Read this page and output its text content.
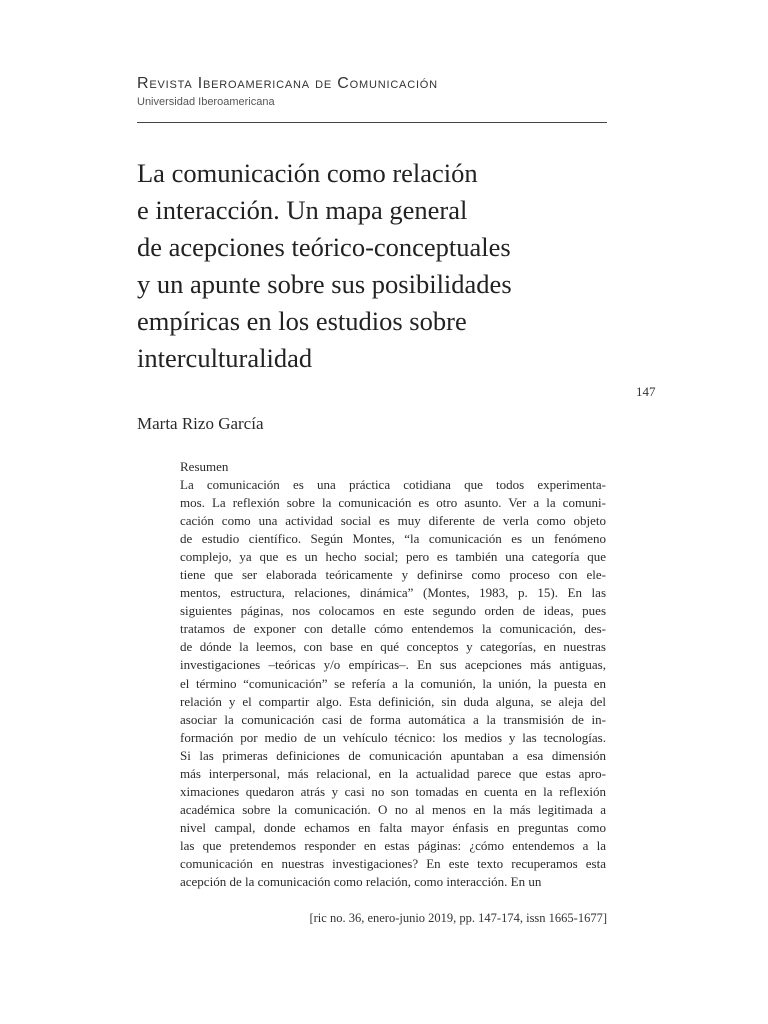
Revista Iberoamericana de Comunicación
Universidad Iberoamericana
La comunicación como relación
e interacción. Un mapa general
de acepciones teórico-conceptuales
y un apunte sobre sus posibilidades
empíricas en los estudios sobre
interculturalidad
147
Marta Rizo García
Resumen
La comunicación es una práctica cotidiana que todos experimenta-
mos. La reflexión sobre la comunicación es otro asunto. Ver a la comuni-
cación como una actividad social es muy diferente de verla como objeto
de estudio científico. Según Montes, “la comunicación es un fenómeno
complejo, ya que es un hecho social; pero es también una categoría que
tiene que ser elaborada teóricamente y definirse como proceso con ele-
mentos, estructura, relaciones, dinámica” (Montes, 1983, p. 15). En las
siguientes páginas, nos colocamos en este segundo orden de ideas, pues
tratamos de exponer con detalle cómo entendemos la comunicación, des-
de dónde la leemos, con base en qué conceptos y categorías, en nuestras
investigaciones –teóricas y/o empíricas–. En sus acepciones más antiguas,
el término “comunicación” se refería a la comunión, la unión, la puesta en
relación y el compartir algo. Esta definición, sin duda alguna, se aleja del
asociar la comunicación casi de forma automática a la transmisión de in-
formación por medio de un vehículo técnico: los medios y las tecnologías.
Si las primeras definiciones de comunicación apuntaban a esa dimensión
más interpersonal, más relacional, en la actualidad parece que estas apro-
ximaciones quedaron atrás y casi no son tomadas en cuenta en la reflexión
académica sobre la comunicación. O no al menos en la más legitimada a
nivel campal, donde echamos en falta mayor énfasis en preguntas como
las que pretendemos responder en estas páginas: ¿cómo entendemos a la
comunicación en nuestras investigaciones? En este texto recuperamos esta
acepción de la comunicación como relación, como interacción. En un
[ric no. 36, enero-junio 2019, pp. 147-174, issn 1665-1677]
